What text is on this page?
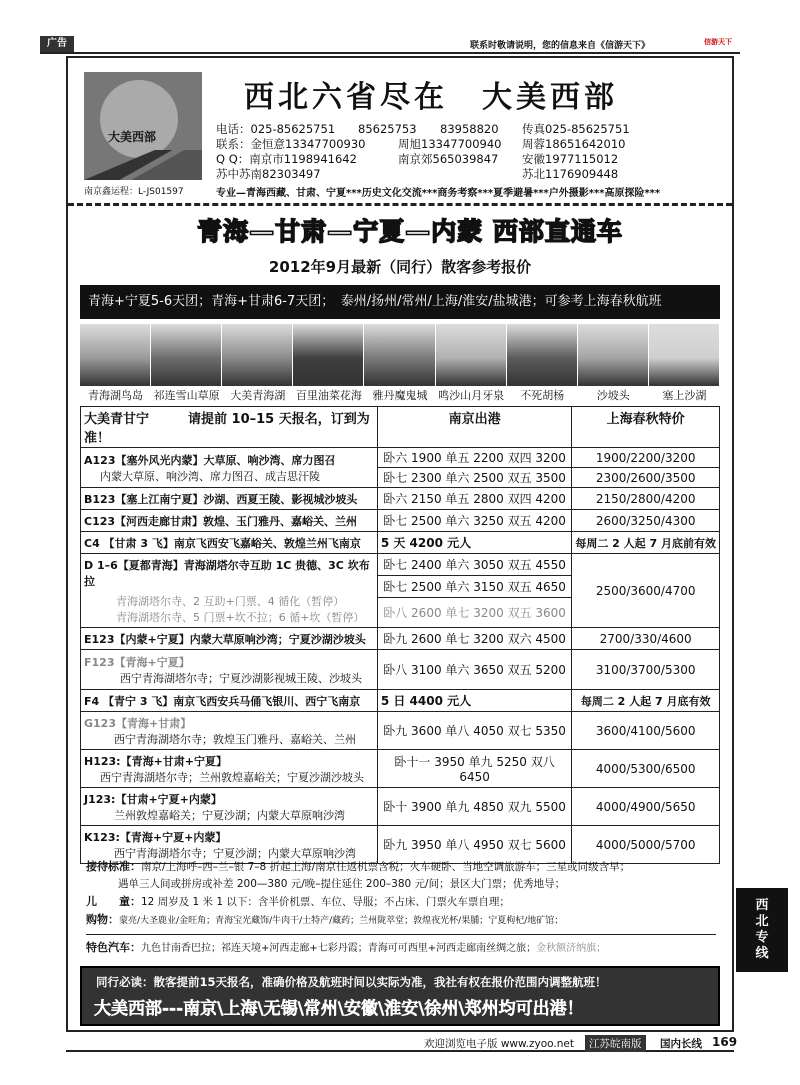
广告	联系时敬请说明，您的信息来自《信游天下》	信游天下
大美西部
南京鑫运程：L-JS01597
西北六省尽在　大美西部
电话：025-85625751 85625753 83958820 传真025-85625751
联系：金恒意13347700930	周旭13347700940 周蓉18651642010
Q Q：南京市1198941642	南京郊565039847 安徽1977115012
苏中苏南82303497	苏北1176909448
专业—青海西藏、甘肃、宁夏***历史文化交流***商务考察***夏季避暑***户外摄影***高原探险***
青海—甘肃—宁夏—内蒙 西部直通车
2012年9月最新（同行）散客参考报价
青海+宁夏5-6天团；青海+甘肃6-7天团；　泰州/扬州/常州/上海/淮安/盐城港；可参考上海春秋航班
青海湖鸟岛 祁连雪山草原 大美青海湖 百里油菜花海 雅丹魔鬼城 鸣沙山月牙泉	不死胡杨	沙坡头	塞上沙湖
大美青甘宁　　　请提前 10–15 天报名，订到为准！	南京出港	上海春秋特价

A123【塞外风光内蒙】大草原、响沙湾、席力图召
内蒙大草原、响沙湾、席力图召、成吉思汗陵	卧六 1900 单五 2200 双四 3200	1900/2200/3200
	卧七 2300 单六 2500 双五 3500	2300/2600/3500
B123【塞上江南宁夏】沙湖、西夏王陵、影视城沙坡头	卧六 2150 单五 2800 双四 4200	2150/2800/4200
C123【河西走廊甘肃】敦煌、玉门雅丹、嘉峪关、兰州	卧七 2500 单六 3250 双五 4200	2600/3250/4300
C4 【甘肃 3 飞】南京飞西安飞嘉峪关、敦煌兰州飞南京	5 天 4200 元人	每周二 2 人起 7 月底前有效

D 1–6【夏都青海】青海湖塔尔寺互助 1C 贵德、3C 坎布拉
青海湖塔尔寺、2 互助+门票、4 循化（暂停）
青海湖塔尔寺、5 门票+坎不拉；6 循+坎（暂停）	卧七 2400 单六 3050 双五 4550	2500/3600/4700
	卧七 2500 单六 3150 双五 4650	
	卧八 2600 单七 3200 双五 3600	
E123【内蒙+宁夏】内蒙大草原响沙湾；宁夏沙湖沙坡头	卧九 2600 单七 3200 双六 4500	2700/330/4600

F123【青海+宁夏】
西宁青海湖塔尔寺；宁夏沙湖影视城王陵、沙坡头	卧八 3100 单六 3650 双五 5200	3100/3700/5300
F4 【青宁 3 飞】南京飞西安兵马俑飞银川、西宁飞南京	5 日 4400 元人	每周二 2 人起 7 月底有效

G123【青海+甘肃】
西宁青海湖塔尔寺；敦煌玉门雅丹、嘉峪关、兰州	卧九 3600 单八 4050 双七 5350	3600/4100/5600

H123:【青海+甘肃+宁夏】
西宁青海湖塔尔寺；兰州敦煌嘉峪关；宁夏沙湖沙坡头	卧十一 3950 单九 5250 双八 6450	4000/5300/6500

J123:【甘肃+宁夏+内蒙】
兰州敦煌嘉峪关；宁夏沙湖；内蒙大草原响沙湾	卧十 3900 单九 4850 双九 5500	4000/4900/5650

K123:【青海+宁夏+内蒙】
西宁青海湖塔尔寺；宁夏沙湖；内蒙大草原响沙湾	卧九 3950 单八 4950 双七 5600	4000/5000/5700
接待标准：南京/上海呼–西–兰–银 7–8 折起上海/南京往返机票含税；火车硬卧、当地空调旅游车；三星或同级含早；
遇单三人间或拼房或补差 200—380 元/晚–提住延住 200–380 元/间；景区大门票；优秀地导；
儿　　童：12 周岁及 1 米 1 以下：含半价机票、车位、导服；不占床、门票火车票自理；
购物：蒙亮/大圣鹿业/金旺角；青海宝光藏饰/牛肉干/土特产/藏药；兰州陇萃堂；敦煌夜光杯/果脯；宁夏枸杞/地矿馆；
特色汽车：九色甘南香巴拉；祁连天境+河西走廊+七彩丹霞；青海可可西里+河西走廊南丝绸之旅；金秋额济纳旗；
同行必读：散客提前15天报名，准确价格及航班时间以实际为准，我社有权在报价范围内调整航班！
大美西部---南京\上海\无锡\常州\安徽\淮安\徐州\郑州均可出港！
西北专线
欢迎浏览电子版 www.zyoo.net	江苏皖南版	国内长线 169
